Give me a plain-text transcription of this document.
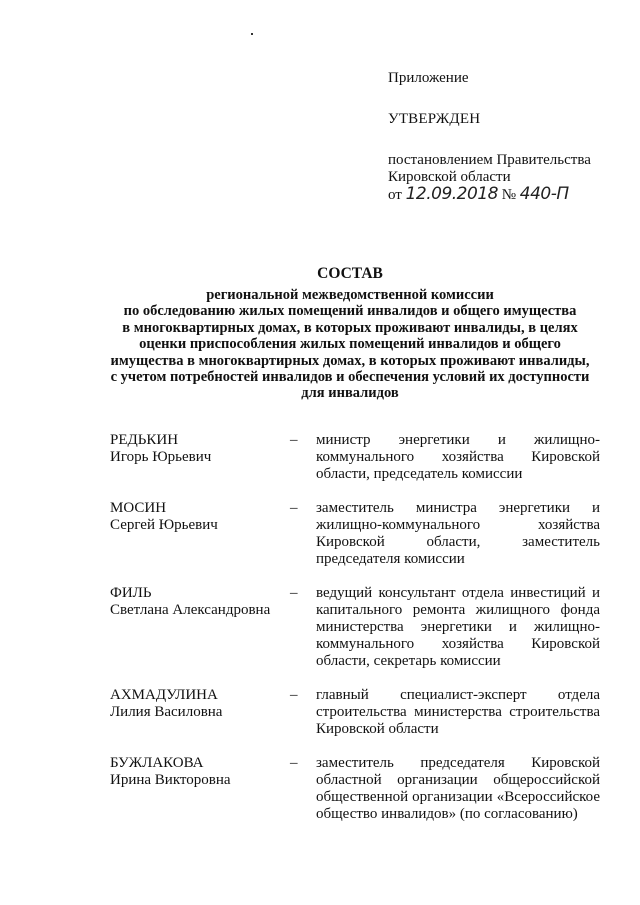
Приложение

УТВЕРЖДЕН

постановлением Правительства

Кировской области

от 12.09.2018 № 440-П

СОСТАВ
региональной межведомственной комиссии
по обследованию жилых помещений инвалидов и общего имущества
в многоквартирных домах, в которых проживают инвалиды, в целях
оценки приспособления жилых помещений инвалидов и общего
имущества в многоквартирных домах, в которых проживают инвалиды,
с учетом потребностей инвалидов и обеспечения условий их доступности
для инвалидов
РЕДЬКИН
Игорь Юрьевич
–	министр энергетики и жилищно-коммунального хозяйства Кировской области, председатель комиссии
МОСИН
Сергей Юрьевич
–	заместитель министра энергетики и жилищно-коммунального хозяйства Кировской области, заместитель председателя комиссии
ФИЛЬ
Светлана Александровна
–	ведущий консультант отдела инвестиций и капитального ремонта жилищного фонда министерства энергетики и жилищно-коммунального хозяйства Кировской области, секретарь комиссии
АХМАДУЛИНА
Лилия Василовна
–	главный специалист-эксперт отдела строительства министерства строительства Кировской области
БУЖЛАКОВА
Ирина Викторовна
–	заместитель председателя Кировской областной организации общероссийской общественной организации «Всероссийское общество инвалидов» (по согласованию)
